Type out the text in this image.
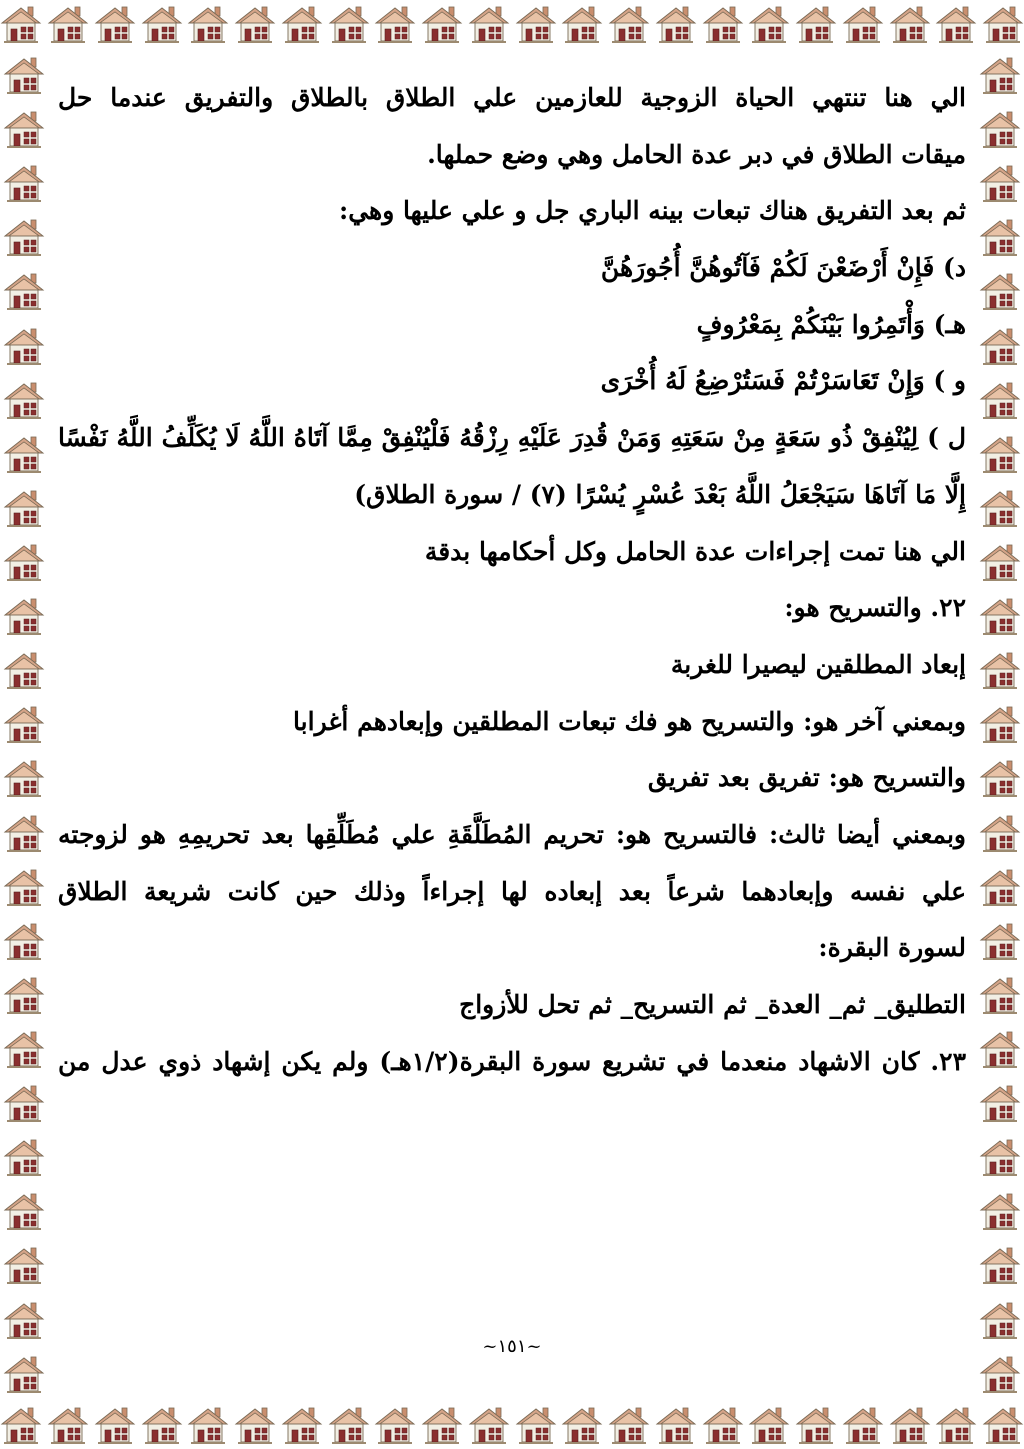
الي هنا تنتهي الحياة الزوجية للعازمين علي الطلاق بالطلاق والتفريق عندما حل
ميقات الطلاق في دبر عدة الحامل وهي وضع حملها.
ثم بعد التفريق هناك تبعات بينه الباري جل و علي عليها وهي:
د) فَإِنْ أَرْضَعْنَ لَكُمْ فَآتُوهُنَّ أُجُورَهُنَّ
هـ) وَأْتَمِرُوا بَيْنَكُمْ بِمَعْرُوفٍ
و ) وَإِنْ تَعَاسَرْتُمْ فَسَتُرْضِعُ لَهُ أُخْرَى
ل ) لِيُنْفِقْ ذُو سَعَةٍ مِنْ سَعَتِهِ وَمَنْ قُدِرَ عَلَيْهِ رِزْقُهُ فَلْيُنْفِقْ مِمَّا آتَاهُ اللَّهُ لَا يُكَلِّفُ اللَّهُ نَفْسًا
إِلَّا مَا آتَاهَا سَيَجْعَلُ اللَّهُ بَعْدَ عُسْرٍ يُسْرًا (٧) / سورة الطلاق)
الي هنا تمت إجراءات عدة الحامل وكل أحكامها بدقة
٢٢. والتسريح هو:
إبعاد المطلقين ليصيرا للغربة
وبمعني آخر هو: والتسريح هو فك تبعات المطلقين وإبعادهم أغرابا
والتسريح هو: تفريق بعد تفريق
وبمعني أيضا ثالث: فالتسريح هو: تحريم المُطَلَّقَةِ علي مُطَلِّقِها بعد تحريمِهِ هو لزوجته
علي نفسه وإبعادهما شرعاً بعد إبعاده لها إجراءاً وذلك حين كانت شريعة الطلاق
لسورة البقرة:
التطليق_ ثم_ العدة_ ثم التسريح_ ثم تحل للأزواج
٢٣. كان الاشهاد منعدما في تشريع سورة البقرة(١/٢هـ) ولم يكن إشهاد ذوي عدل من
~١٥١~
